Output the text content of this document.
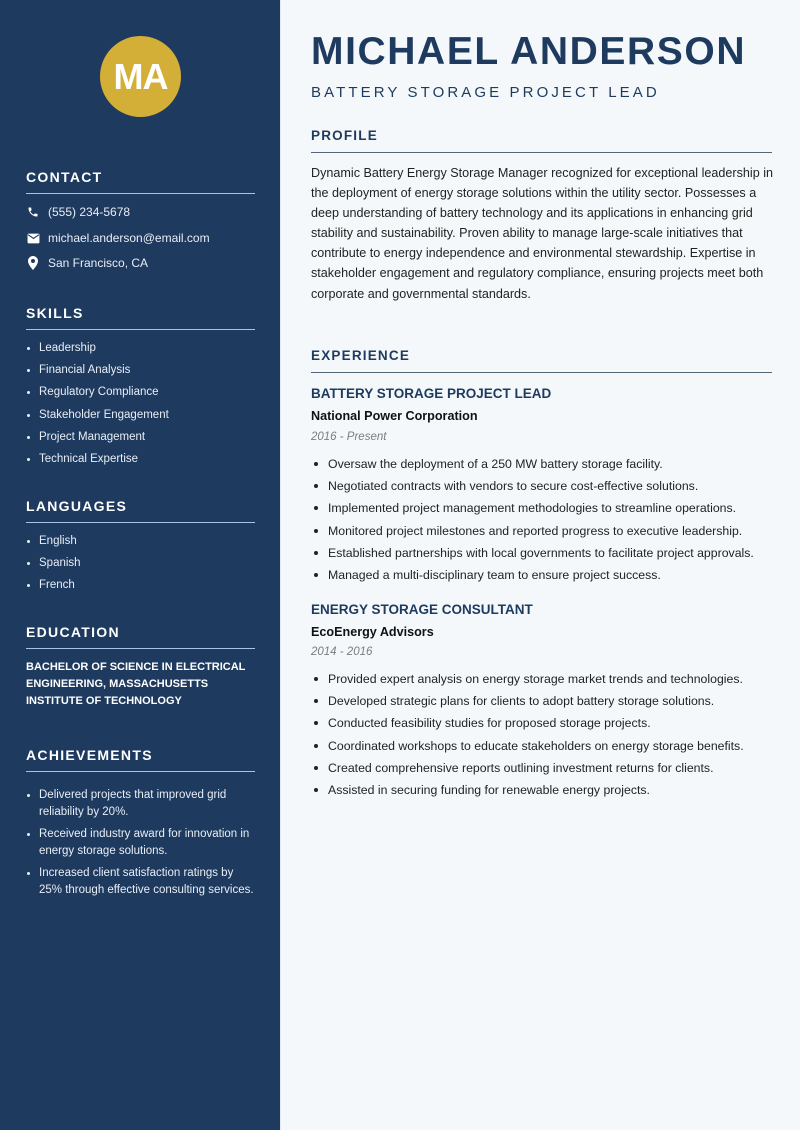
MA
CONTACT
(555) 234-5678
michael.anderson@email.com
San Francisco, CA
SKILLS
Leadership
Financial Analysis
Regulatory Compliance
Stakeholder Engagement
Project Management
Technical Expertise
LANGUAGES
English
Spanish
French
EDUCATION
BACHELOR OF SCIENCE IN ELECTRICAL ENGINEERING, MASSACHUSETTS INSTITUTE OF TECHNOLOGY
ACHIEVEMENTS
Delivered projects that improved grid reliability by 20%.
Received industry award for innovation in energy storage solutions.
Increased client satisfaction ratings by 25% through effective consulting services.
MICHAEL ANDERSON
BATTERY STORAGE PROJECT LEAD
PROFILE
Dynamic Battery Energy Storage Manager recognized for exceptional leadership in the deployment of energy storage solutions within the utility sector. Possesses a deep understanding of battery technology and its applications in enhancing grid stability and sustainability. Proven ability to manage large-scale initiatives that contribute to energy independence and environmental stewardship. Expertise in stakeholder engagement and regulatory compliance, ensuring projects meet both corporate and governmental standards.
EXPERIENCE
BATTERY STORAGE PROJECT LEAD
National Power Corporation
2016 - Present
Oversaw the deployment of a 250 MW battery storage facility.
Negotiated contracts with vendors to secure cost-effective solutions.
Implemented project management methodologies to streamline operations.
Monitored project milestones and reported progress to executive leadership.
Established partnerships with local governments to facilitate project approvals.
Managed a multi-disciplinary team to ensure project success.
ENERGY STORAGE CONSULTANT
EcoEnergy Advisors
2014 - 2016
Provided expert analysis on energy storage market trends and technologies.
Developed strategic plans for clients to adopt battery storage solutions.
Conducted feasibility studies for proposed storage projects.
Coordinated workshops to educate stakeholders on energy storage benefits.
Created comprehensive reports outlining investment returns for clients.
Assisted in securing funding for renewable energy projects.
